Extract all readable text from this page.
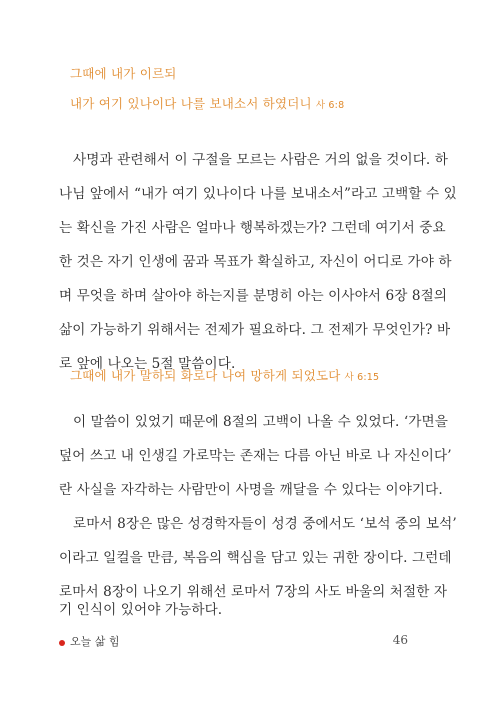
그때에 내가 이르되
내가 여기 있나이다 나를 보내소서 하였더니 사 6:8
사명과 관련해서 이 구절을 모르는 사람은 거의 없을 것이다. 하
나님 앞에서 “내가 여기 있나이다 나를 보내소서”라고 고백할 수 있
는 확신을 가진 사람은 얼마나 행복하겠는가? 그런데 여기서 중요
한 것은 자기 인생에 꿈과 목표가 확실하고, 자신이 어디로 가야 하
며 무엇을 하며 살아야 하는지를 분명히 아는 이사야서 6장 8절의
삶이 가능하기 위해서는 전제가 필요하다. 그 전제가 무엇인가? 바
로 앞에 나오는 5절 말씀이다.
그때에 내가 말하되 화로다 나여 망하게 되었도다 사 6:15
이 말씀이 있었기 때문에 8절의 고백이 나올 수 있었다. ‘가면을
덮어 쓰고 내 인생길 가로막는 존재는 다름 아닌 바로 나 자신이다’
란 사실을 자각하는 사람만이 사명을 깨달을 수 있다는 이야기다.
로마서 8장은 많은 성경학자들이 성경 중에서도 ‘보석 중의 보석’
이라고 일컬을 만큼, 복음의 핵심을 담고 있는 귀한 장이다. 그런데
로마서 8장이 나오기 위해선 로마서 7장의 사도 바울의 처절한 자
기 인식이 있어야 가능하다.
오늘 삶 힘	46
